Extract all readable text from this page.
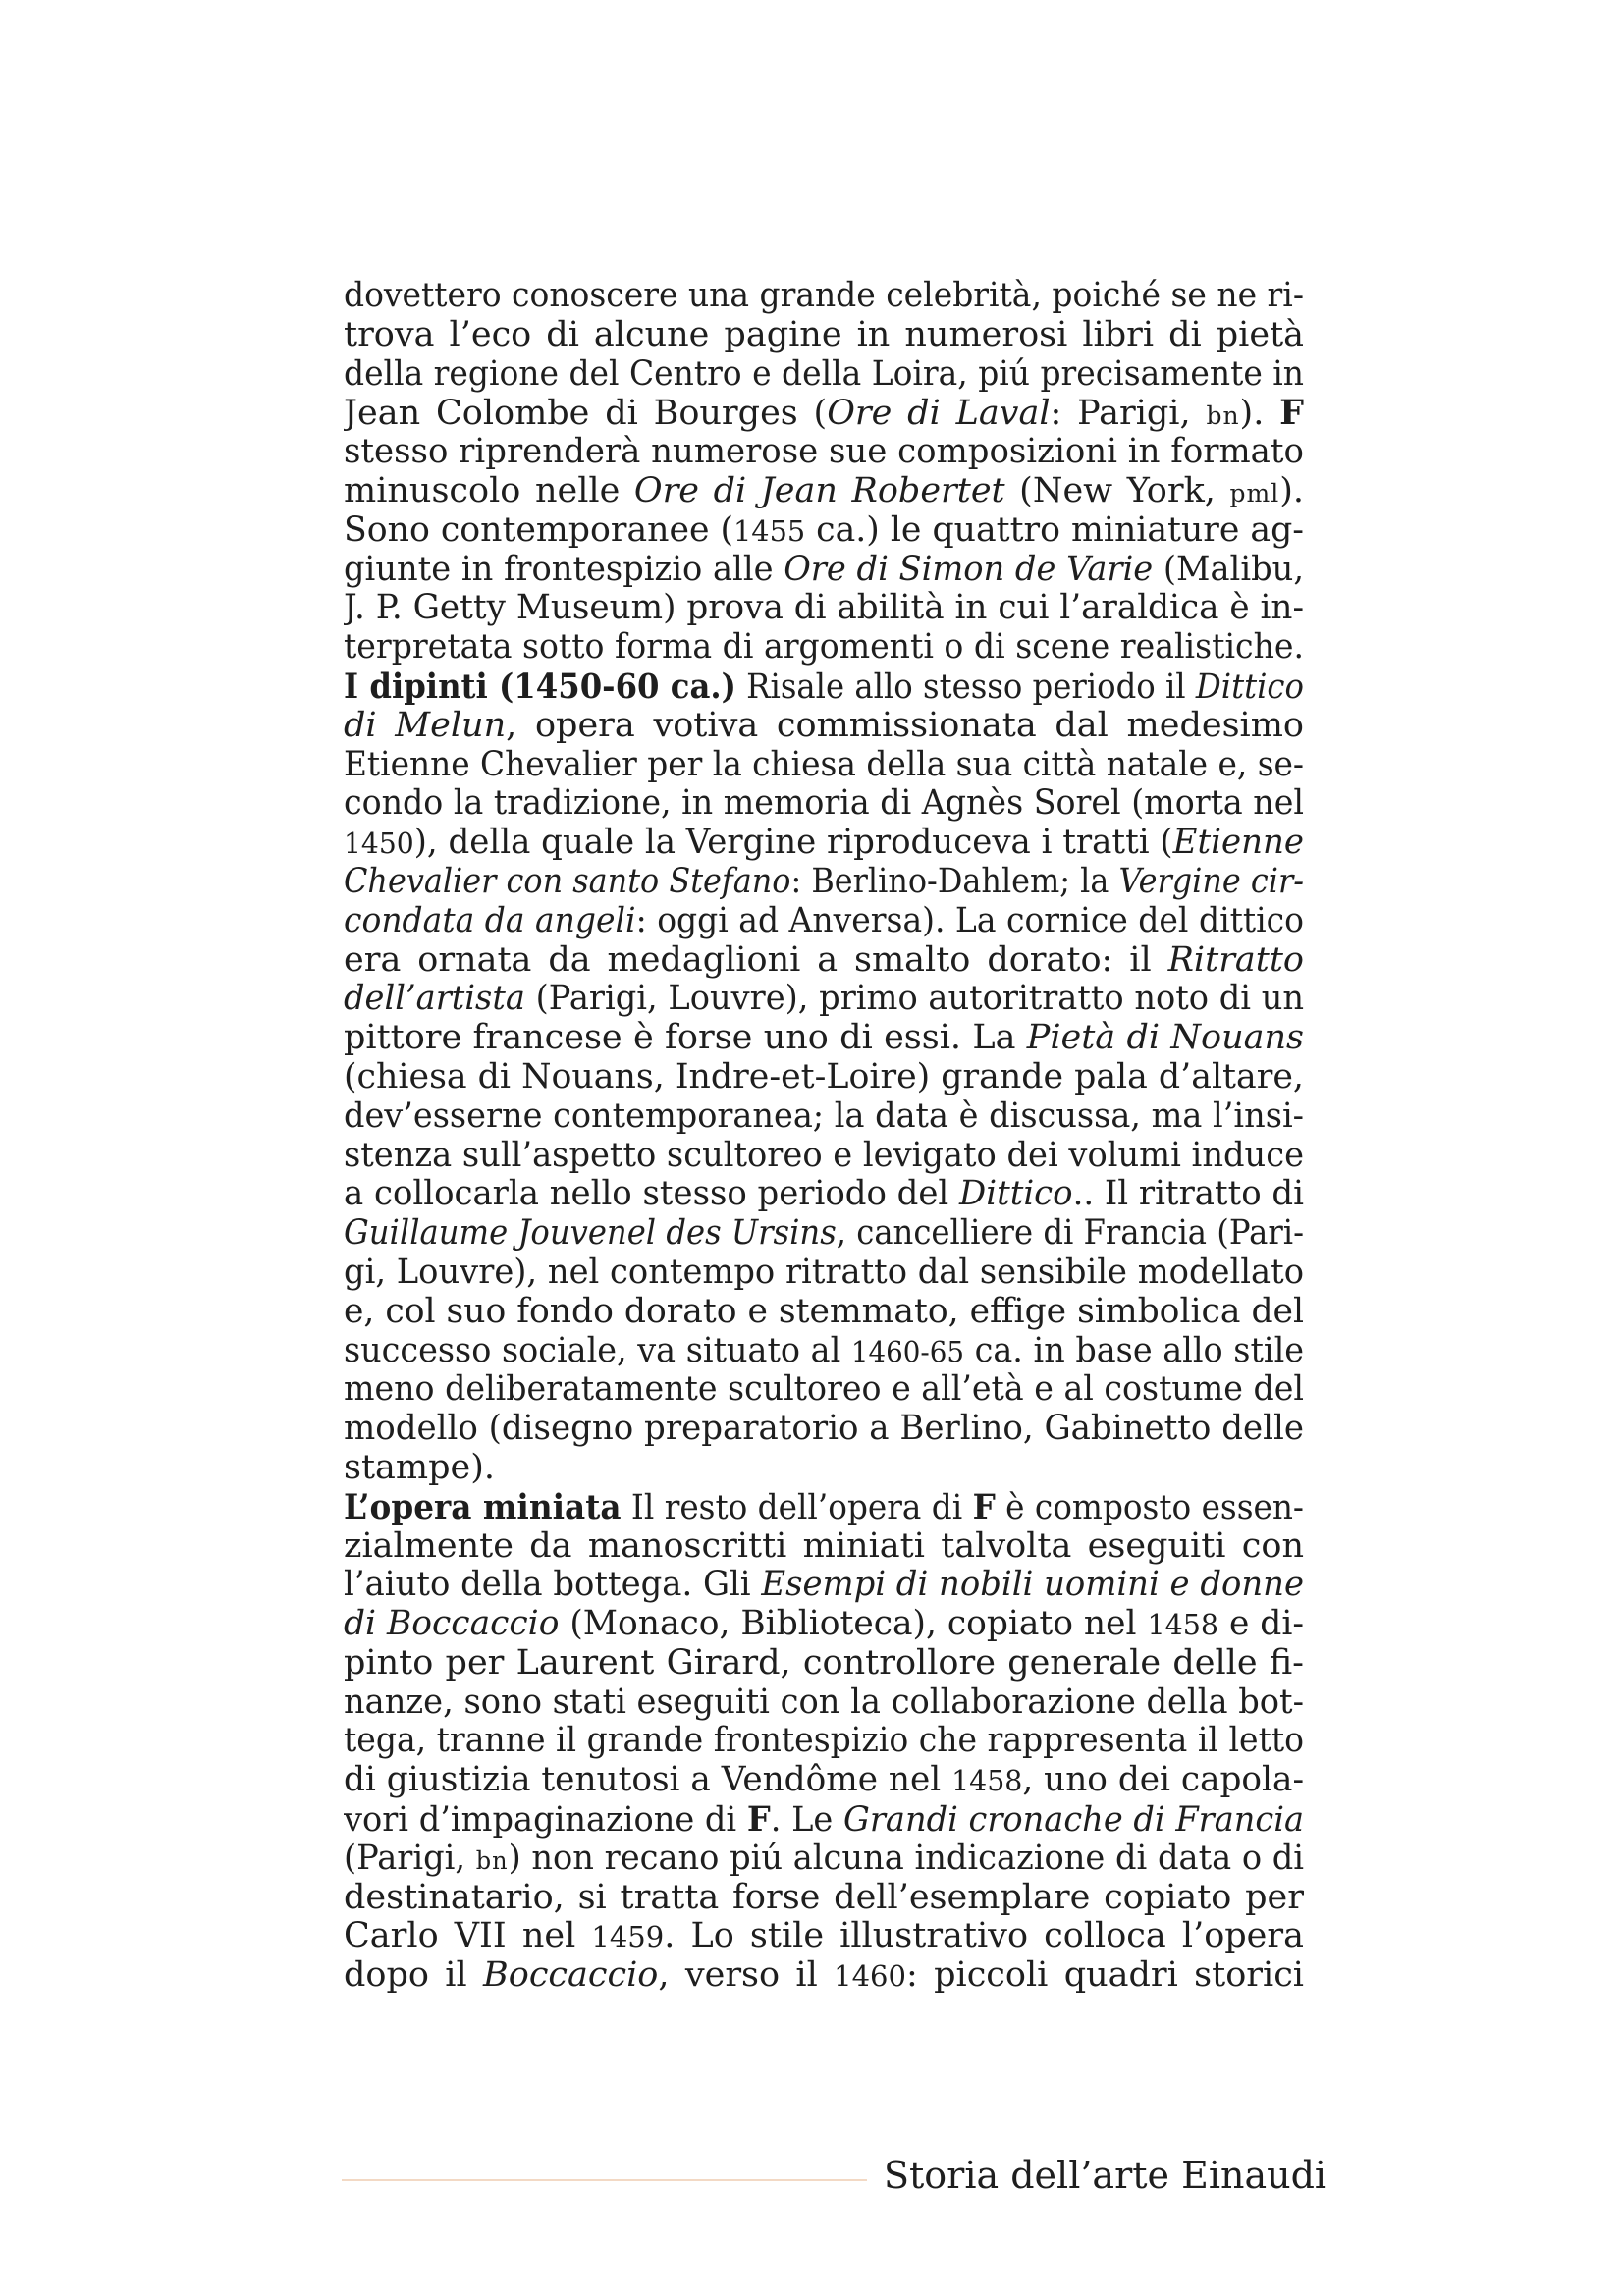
dovettero conoscere una grande celebrità, poiché se ne ri-
trova l’eco di alcune pagine in numerosi libri di pietà
della regione del Centro e della Loira, piú precisamente in
Jean Colombe di Bourges (Ore di Laval: Parigi, bn). F
stesso riprenderà numerose sue composizioni in formato
minuscolo nelle Ore di Jean Robertet (New York, pml).
Sono contemporanee (1455 ca.) le quattro miniature ag-
giunte in frontespizio alle Ore di Simon de Varie (Malibu,
J. P. Getty Museum) prova di abilità in cui l’araldica è in-
terpretata sotto forma di argomenti o di scene realistiche.
I dipinti (1450-60 ca.) Risale allo stesso periodo il Dittico
di Melun, opera votiva commissionata dal medesimo
Etienne Chevalier per la chiesa della sua città natale e, se-
condo la tradizione, in memoria di Agnès Sorel (morta nel
1450), della quale la Vergine riproduceva i tratti (Etienne
Chevalier con santo Stefano: Berlino-Dahlem; la Vergine cir-
condata da angeli: oggi ad Anversa). La cornice del dittico
era ornata da medaglioni a smalto dorato: il Ritratto
dell’artista (Parigi, Louvre), primo autoritratto noto di un
pittore francese è forse uno di essi. La Pietà di Nouans
(chiesa di Nouans, Indre-et-Loire) grande pala d’altare,
dev’esserne contemporanea; la data è discussa, ma l’insi-
stenza sull’aspetto scultoreo e levigato dei volumi induce
a collocarla nello stesso periodo del Dittico.. Il ritratto di
Guillaume Jouvenel des Ursins, cancelliere di Francia (Pari-
gi, Louvre), nel contempo ritratto dal sensibile modellato
e, col suo fondo dorato e stemmato, effige simbolica del
successo sociale, va situato al 1460-65 ca. in base allo stile
meno deliberatamente scultoreo e all’età e al costume del
modello (disegno preparatorio a Berlino, Gabinetto delle
stampe).
L’opera miniata Il resto dell’opera di F è composto essen-
zialmente da manoscritti miniati talvolta eseguiti con
l’aiuto della bottega. Gli Esempi di nobili uomini e donne
di Boccaccio (Monaco, Biblioteca), copiato nel 1458 e di-
pinto per Laurent Girard, controllore generale delle fi-
nanze, sono stati eseguiti con la collaborazione della bot-
tega, tranne il grande frontespizio che rappresenta il letto
di giustizia tenutosi a Vendôme nel 1458, uno dei capola-
vori d’impaginazione di F. Le Grandi cronache di Francia
(Parigi, bn) non recano piú alcuna indicazione di data o di
destinatario, si tratta forse dell’esemplare copiato per
Carlo VII nel 1459. Lo stile illustrativo colloca l’opera
dopo il Boccaccio, verso il 1460: piccoli quadri storici
Storia dell’arte Einaudi
